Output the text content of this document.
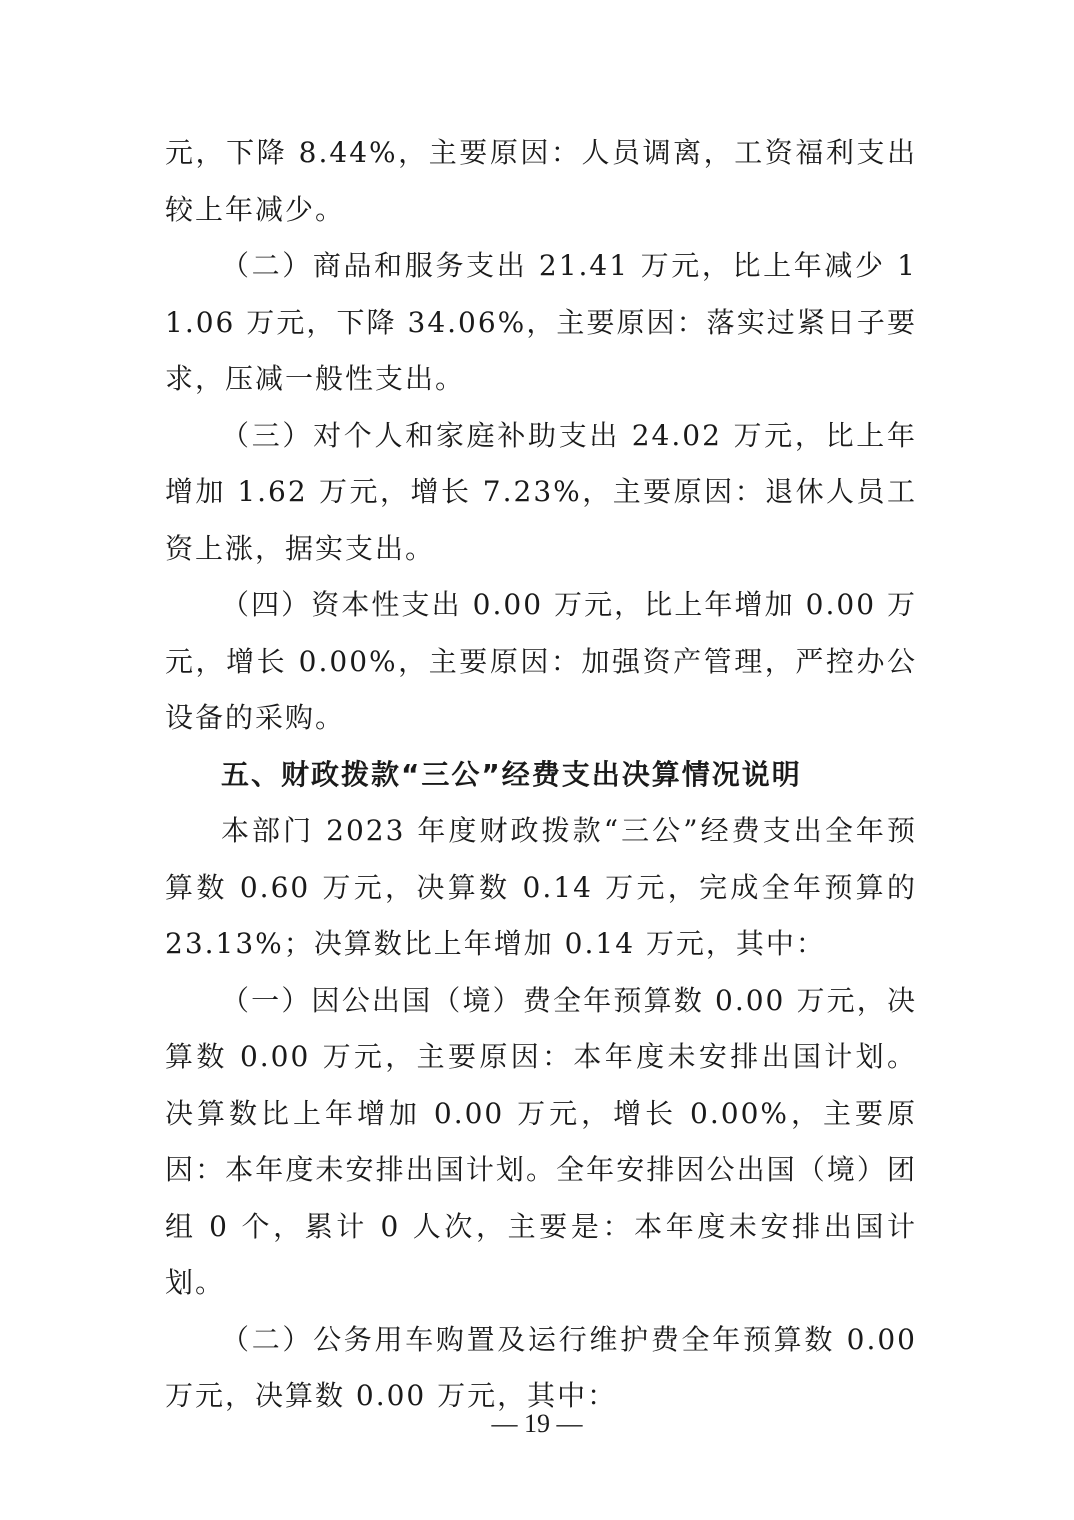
元，下降 8.44%，主要原因：人员调离，工资福利支出较上年减少。

（二）商品和服务支出 21.41 万元，比上年减少 11.06 万元，下降 34.06%，主要原因：落实过紧日子要求，压减一般性支出。

（三）对个人和家庭补助支出 24.02 万元，比上年增加 1.62 万元，增长 7.23%，主要原因：退休人员工资上涨，据实支出。

（四）资本性支出 0.00 万元，比上年增加 0.00 万元，增长 0.00%，主要原因：加强资产管理，严控办公设备的采购。

五、财政拨款“三公”经费支出决算情况说明

本部门 2023 年度财政拨款“三公”经费支出全年预算数 0.60 万元，决算数 0.14 万元，完成全年预算的 23.13%；决算数比上年增加 0.14 万元，其中：

（一）因公出国（境）费全年预算数 0.00 万元，决算数 0.00 万元，主要原因：本年度未安排出国计划。决算数比上年增加 0.00 万元，增长 0.00%，主要原因：本年度未安排出国计划。全年安排因公出国（境）团组 0 个，累计 0 人次，主要是：本年度未安排出国计划。

（二）公务用车购置及运行维护费全年预算数 0.00 万元，决算数 0.00 万元，其中：

— 19 —
